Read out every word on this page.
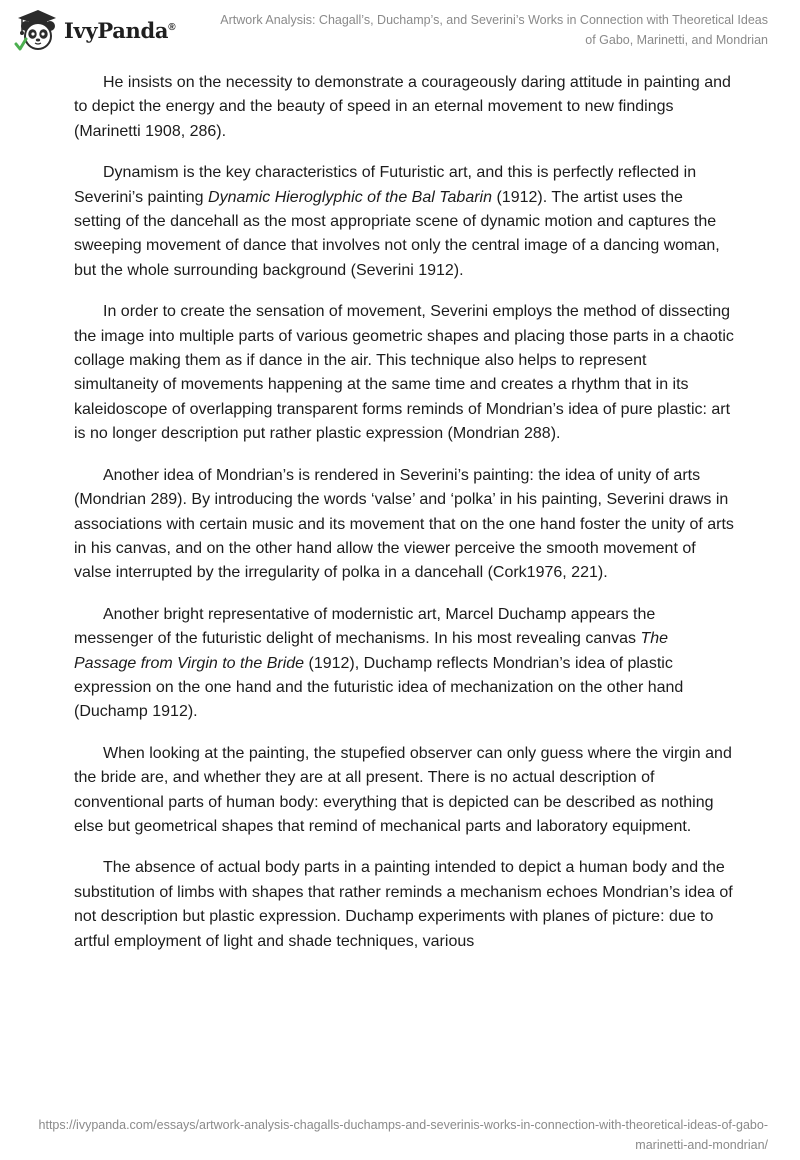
IvyPanda®	Artwork Analysis: Chagall’s, Duchamp’s, and Severini’s Works in Connection with Theoretical Ideas
of Gabo, Marinetti, and Mondrian

He insists on the necessity to demonstrate a courageously daring attitude in painting and to depict the energy and the beauty of speed in an eternal movement to new findings (Marinetti 1908, 286).

Dynamism is the key characteristics of Futuristic art, and this is perfectly reflected in Severini’s painting Dynamic Hieroglyphic of the Bal Tabarin (1912). The artist uses the setting of the dancehall as the most appropriate scene of dynamic motion and captures the sweeping movement of dance that involves not only the central image of a dancing woman, but the whole surrounding background (Severini 1912).

In order to create the sensation of movement, Severini employs the method of dissecting the image into multiple parts of various geometric shapes and placing those parts in a chaotic collage making them as if dance in the air. This technique also helps to represent simultaneity of movements happening at the same time and creates a rhythm that in its kaleidoscope of overlapping transparent forms reminds of Mondrian’s idea of pure plastic: art is no longer description put rather plastic expression (Mondrian 288).

Another idea of Mondrian’s is rendered in Severini’s painting: the idea of unity of arts (Mondrian 289). By introducing the words ‘valse’ and ‘polka’ in his painting, Severini draws in associations with certain music and its movement that on the one hand foster the unity of arts in his canvas, and on the other hand allow the viewer perceive the smooth movement of valse interrupted by the irregularity of polka in a dancehall (Cork1976, 221).

Another bright representative of modernistic art, Marcel Duchamp appears the messenger of the futuristic delight of mechanisms. In his most revealing canvas The Passage from Virgin to the Bride (1912), Duchamp reflects Mondrian’s idea of plastic expression on the one hand and the futuristic idea of mechanization on the other hand (Duchamp 1912).

When looking at the painting, the stupefied observer can only guess where the virgin and the bride are, and whether they are at all present. There is no actual description of conventional parts of human body: everything that is depicted can be described as nothing else but geometrical shapes that remind of mechanical parts and laboratory equipment.

The absence of actual body parts in a painting intended to depict a human body and the substitution of limbs with shapes that rather reminds a mechanism echoes Mondrian’s idea of not description but plastic expression. Duchamp experiments with planes of picture: due to artful employment of light and shade techniques, various

https://ivypanda.com/essays/artwork-analysis-chagalls-duchamps-and-severinis-works-in-connection-with-theoretical-ideas-of-gabo-
marinetti-and-mondrian/
